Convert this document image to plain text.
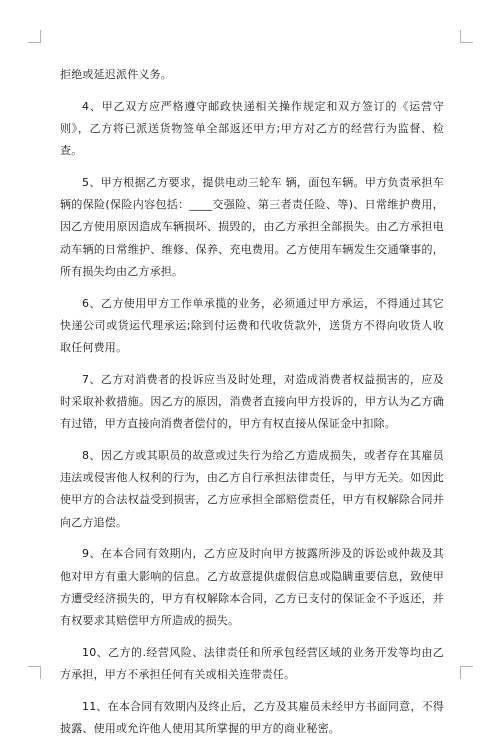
拒绝或延迟派件义务。

4、甲乙双方应严格遵守邮政快递相关操作规定和双方签订的《运营守则》，乙方将已派送货物签单全部返还甲方;甲方对乙方的经营行为监督、检查。

5、甲方根据乙方要求，提供电动三轮车 辆，面包车辆。甲方负责承担车辆的保险(保险内容包括：____交强险、第三者责任险、等)、日常维护费用，因乙方使用原因造成车辆损坏、损毁的，由乙方承担全部损失。由乙方承担电动车辆的日常维护、维修、保养、充电费用。乙方使用车辆发生交通肇事的，所有损失均由乙方承担。

6、乙方使用甲方工作单承揽的业务，必须通过甲方承运，不得通过其它快递公司或货运代理承运;除到付运费和代收货款外，送货方不得向收货人收取任何费用。

7、乙方对消费者的投诉应当及时处理，对造成消费者权益损害的，应及时采取补救措施。因乙方的原因，消费者直接向甲方投诉的，甲方认为乙方确有过错，甲方直接向消费者偿付的，甲方有权直接从保证金中扣除。

8、因乙方或其职员的故意或过失行为给乙方造成损失，或者存在其雇员违法或侵害他人权利的行为，由乙方自行承担法律责任，与甲方无关。如因此使甲方的合法权益受到损害，乙方应承担全部赔偿责任，甲方有权解除合同并向乙方追偿。

9、在本合同有效期内，乙方应及时向甲方披露所涉及的诉讼或仲裁及其他对甲方有重大影响的信息。乙方故意提供虚假信息或隐瞒重要信息，致使甲方遭受经济损失的，甲方有权解除本合同，乙方已支付的保证金不予返还，并有权要求其赔偿甲方所造成的损失。

10、乙方的.经营风险、法律责任和所承包经营区域的业务开发等均由乙方承担，甲方不承担任何有关或相关连带责任。

11、在本合同有效期内及终止后，乙方及其雇员未经甲方书面同意，不得披露、使用或允许他人使用其所掌握的甲方的商业秘密。
